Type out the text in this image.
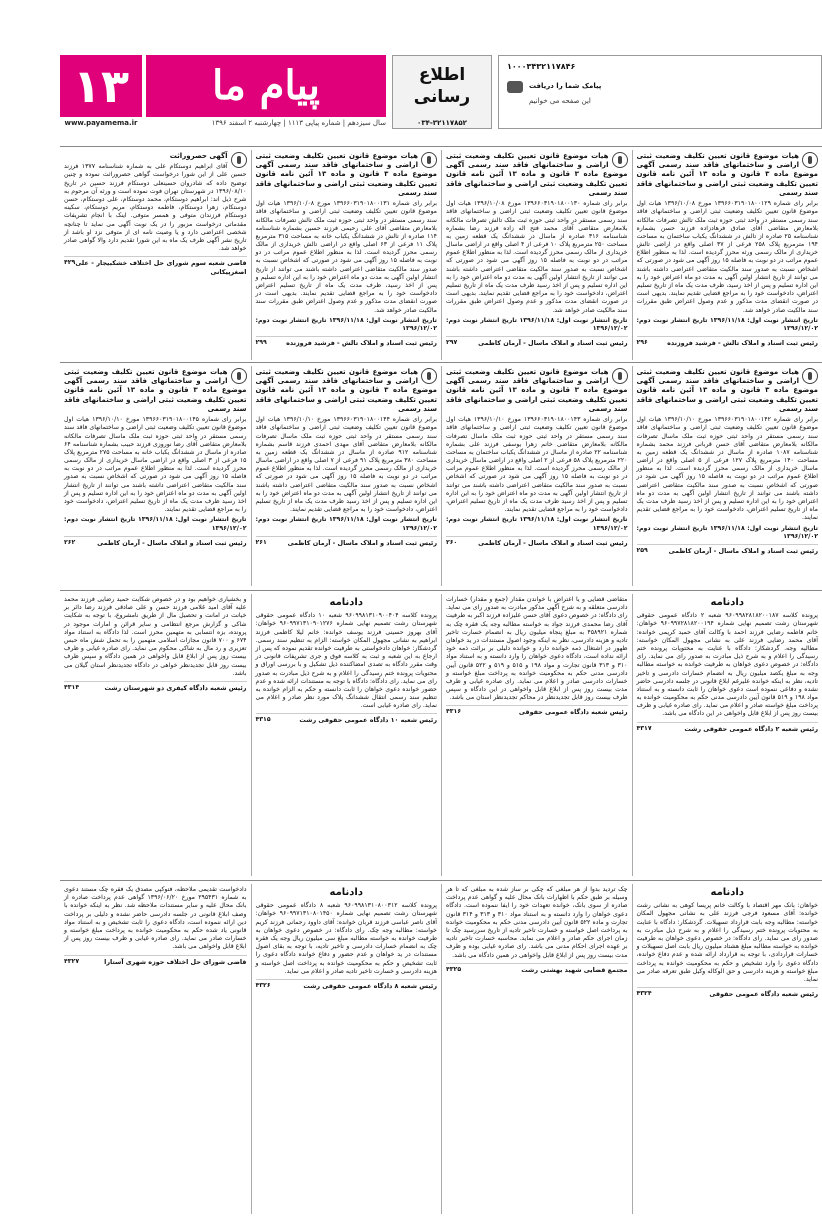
۱۳
www.payamema.ir
پیام ما
سال سیزدهم | شماره پیاپی ۱۱۱۳ | چهارشنبه ۲ اسفند ۱۳۹۶
اطلاع رسانی
۰۳۴-۳۲۱۱۷۸۵۲
۱۰۰۰۳۴۳۲۱۱۷۸۴۶
پیامک شما را دریافت
این صفحه می خوانیم
هیات موضوع قانون تعیین تکلیف وضعیت ثبتی اراضی و ساختمانهای فاقد سند رسمی آگهی موضوع ماده ۳ قانون و ماده ۱۳ آئین نامه قانون تعیین تکلیف وضعیت ثبتی اراضی و ساختمانهای فاقد سند رسمی
برابر رای شماره ۱۳۹۶۶۰۳۱۹۰۱۸۰۰۱۲۹ مورخ ۱۳۹۶/۱۰/۰۸ هیات اول موضوع قانون تعیین تکلیف وضعیت ثبتی اراضی و ساختمانهای فاقد سند رسمی مستقر در واحد ثبتی حوزه ثبت ملک تالش تصرفات مالکانه بلامعارض متقاضی آقای صادق فرهادزاده فرزند حسن بشماره شناسنامه ۲۵ صادره از تالش در ششدانگ یکباب ساختمان به مساحت ۱۹۴ مترمربع پلاک ۲۵۸ فرعی از ۳۷ اصلی واقع در اراضی تالش خریداری از مالک رسمی ورثه محرز گردیده است. لذا به منظور اطلاع عموم مراتب در دو نوبت به فاصله ۱۵ روز آگهی می شود در صورتی که اشخاص نسبت به صدور سند مالکیت متقاضی اعتراضی داشته باشند می توانند از تاریخ انتشار اولین آگهی به مدت دو ماه اعتراض خود را به این اداره تسلیم و پس از اخذ رسید، ظرف مدت یک ماه از تاریخ تسلیم اعتراض، دادخواست خود را به مراجع قضایی تقدیم نمایند. بدیهی است در صورت انقضای مدت مذکور و عدم وصول اعتراض طبق مقررات سند مالکیت صادر خواهد شد.
تاریخ انتشار نوبت اول: ۱۳۹۶/۱۱/۱۸ تاریخ انتشار نوبت دوم: ۱۳۹۶/۱۲/۰۲
رئیس ثبت اسناد و املاک تالش - فرشید فروزنده
۲۹۶
هیات موضوع قانون تعیین تکلیف وضعیت ثبتی اراضی و ساختمانهای فاقد سند رسمی آگهی موضوع ماده ۳ قانون و ماده ۱۳ آئین نامه قانون تعیین تکلیف وضعیت ثبتی اراضی و ساختمانهای فاقد سند رسمی
برابر رای شماره ۱۳۹۶۶۰۳۱۹۰۱۸۰۰۱۳۰ مورخ ۱۳۹۶/۱۰/۰۸ هیات اول موضوع قانون تعیین تکلیف وضعیت ثبتی اراضی و ساختمانهای فاقد سند رسمی مستقر در واحد ثبتی حوزه ثبت ملک تالش تصرفات مالکانه بلامعارض متقاضی آقای محمد فتح اله زاده فرزند رضا بشماره شناسنامه ۳۱۶ صادره از ماسال در ششدانگ یک قطعه زمین به مساحت ۲۵۰ مترمربع پلاک ۱۰ فرعی از ۴ اصلی واقع در اراضی ماسال خریداری از مالک رسمی محرز گردیده است. لذا به منظور اطلاع عموم مراتب در دو نوبت به فاصله ۱۵ روز آگهی می شود در صورتی که اشخاص نسبت به صدور سند مالکیت متقاضی اعتراضی داشته باشند می توانند از تاریخ انتشار اولین آگهی به مدت دو ماه اعتراض خود را به این اداره تسلیم و پس از اخذ رسید ظرف مدت یک ماه از تاریخ تسلیم اعتراض، دادخواست خود را به مراجع قضایی تقدیم نمایند. بدیهی است در صورت انقضای مدت مذکور و عدم وصول اعتراض طبق مقررات سند مالکیت صادر خواهد شد.
تاریخ انتشار نوبت اول: ۱۳۹۶/۱۱/۱۸ تاریخ انتشار نوبت دوم: ۱۳۹۶/۱۲/۰۲
رئیس ثبت اسناد و املاک ماسال - آرمان کاظمی
۲۹۷
هیات موضوع قانون تعیین تکلیف وضعیت ثبتی اراضی و ساختمانهای فاقد سند رسمی آگهی موضوع ماده ۳ قانون و ماده ۱۳ آئین نامه قانون تعیین تکلیف وضعیت ثبتی اراضی و ساختمانهای فاقد سند رسمی
برابر رای شماره ۱۳۹۶۶۰۳۱۹۰۱۸۰۰۱۳۱ مورخ ۱۳۹۶/۱۰/۰۸ هیات اول موضوع قانون تعیین تکلیف وضعیت ثبتی اراضی و ساختمانهای فاقد سند رسمی مستقر در واحد ثبتی حوزه ثبت ملک تالش تصرفات مالکانه بلامعارض متقاضی آقای علی رحیمی فرزند حسین بشماره شناسنامه ۱۱۴ صادره از تالش در ششدانگ یکباب خانه به مساحت ۳۱۵ مترمربع پلاک ۱۱ فرعی از ۶۳ اصلی واقع در اراضی تالش خریداری از مالک رسمی محرز گردیده است. لذا به منظور اطلاع عموم مراتب در دو نوبت به فاصله ۱۵ روز آگهی می شود در صورتی که اشخاص نسبت به صدور سند مالکیت متقاضی اعتراضی داشته باشند می توانند از تاریخ انتشار اولین آگهی به مدت دو ماه اعتراض خود را به این اداره تسلیم و پس از اخذ رسید، ظرف مدت یک ماه از تاریخ تسلیم اعتراض دادخواست خود را به مراجع قضایی تقدیم نمایند. بدیهی است در صورت انقضای مدت مذکور و عدم وصول اعتراض طبق مقررات سند مالکیت صادر خواهد شد.
تاریخ انتشار نوبت اول: ۱۳۹۶/۱۱/۱۸ تاریخ انتشار نوبت دوم: ۱۳۹۶/۱۲/۰۲
رئیس ثبت اسناد و املاک تالش - فرشید فروزنده
۲۹۹
آگهی حصروراثت
آقای ابراهیم دوستکام علی به شماره شناسنامه ۱۳۷۷ فرزند حسین علی از این شورا درخواست گواهی حصروراثت نموده و چنین توضیح داده که شادروان حسینعلی دوستکام فرزند حسین در تاریخ ۱۳۹۶/۰۸/۱۰ در شهرستان تهران فوت نموده است و ورثه آن مرحوم به شرح ذیل اند: ابراهیم دوستکام، محمد دوستکام، علی دوستکام، حسن دوستکام، زهرا دوستکام، فاطمه دوستکام، مریم دوستکام، سکینه دوستکام فرزندان متوفی و همسر متوفی. اینک با انجام تشریفات مقدماتی درخواست مزبور را در یک نوبت آگهی می نماید تا چنانچه شخصی اعتراضی دارد و یا وصیت نامه ای از متوفی نزد او باشد از تاریخ نشر آگهی ظرف یک ماه به این شورا تقدیم دارد والا گواهی صادر خواهد شد.
قاضی شعبه سوم شورای حل اختلاف خشکبیجار - علی اصغرپیکانی
۴۲۹
هیات موضوع قانون تعیین تکلیف وضعیت ثبتی اراضی و ساختمانهای فاقد سند رسمی آگهی موضوع ماده ۳ قانون و ماده ۱۳ آئین نامه قانون تعیین تکلیف وضعیت ثبتی اراضی و ساختمانهای فاقد سند رسمی
برابر رای شماره ۱۳۹۶۶۰۳۱۹۰۱۸۰۰۱۴۲ مورخ ۱۳۹۶/۱۰/۱۰ هیات اول موضوع قانون تعیین تکلیف وضعیت ثبتی اراضی و ساختمانهای فاقد سند رسمی مستقر در واحد ثبتی حوزه ثبت ملک ماسال تصرفات مالکانه بلامعارض متقاضی آقای حسن قربانی فرزند محمد بشماره شناسنامه ۱۰۸۷ صادره از ماسال در ششدانگ یک قطعه زمین به مساحت ۱۴۰ مترمربع پلاک ۱۲۷ فرعی از ۵ اصلی واقع در اراضی ماسال خریداری از مالک رسمی محرز گردیده است. لذا به منظور اطلاع عموم مراتب در دو نوبت به فاصله ۱۵ روز آگهی می شود در صورتی که اشخاص نسبت به صدور سند مالکیت متقاضی اعتراضی داشته باشند می توانند از تاریخ انتشار اولین آگهی به مدت دو ماه اعتراض خود را به این اداره تسلیم و پس از اخذ رسید ظرف مدت یک ماه از تاریخ تسلیم اعتراض، دادخواست خود را به مراجع قضایی تقدیم نمایند.
تاریخ انتشار نوبت اول: ۱۳۹۶/۱۱/۱۸ تاریخ انتشار نوبت دوم: ۱۳۹۶/۱۲/۰۲
رئیس ثبت اسناد و املاک ماسال - آرمان کاظمی
۲۵۹
هیات موضوع قانون تعیین تکلیف وضعیت ثبتی اراضی و ساختمانهای فاقد سند رسمی آگهی موضوع ماده ۳ قانون و ماده ۱۳ آئین نامه قانون تعیین تکلیف وضعیت ثبتی اراضی و ساختمانهای فاقد سند رسمی
برابر رای شماره ۱۳۹۶۶۰۳۱۹۰۱۸۰۰۱۴۳ مورخ ۱۳۹۶/۱۰/۱۰ هیات اول موضوع قانون تعیین تکلیف وضعیت ثبتی اراضی و ساختمانهای فاقد سند رسمی مستقر در واحد ثبتی حوزه ثبت ملک ماسال تصرفات مالکانه بلامعارض متقاضی خانم زهرا یوسفی فرزند علی بشماره شناسنامه ۲۲ صادره از ماسال در ششدانگ یکباب ساختمان به مساحت ۲۲۰ مترمربع پلاک ۵۸ فرعی از ۲ اصلی واقع در اراضی ماسال خریداری از مالک رسمی محرز گردیده است. لذا به منظور اطلاع عموم مراتب در دو نوبت به فاصله ۱۵ روز آگهی می شود در صورتی که اشخاص نسبت به صدور سند مالکیت متقاضی اعتراضی داشته باشند می توانند از تاریخ انتشار اولین آگهی به مدت دو ماه اعتراض خود را به این اداره تسلیم و پس از اخذ رسید ظرف مدت یک ماه از تاریخ تسلیم اعتراض، دادخواست خود را به مراجع قضایی تقدیم نمایند.
تاریخ انتشار نوبت اول: ۱۳۹۶/۱۱/۱۸ تاریخ انتشار نوبت دوم: ۱۳۹۶/۱۲/۰۲
رئیس ثبت اسناد و املاک ماسال - آرمان کاظمی
۲۶۰
هیات موضوع قانون تعیین تکلیف وضعیت ثبتی اراضی و ساختمانهای فاقد سند رسمی آگهی موضوع ماده ۳ قانون و ماده ۱۳ آئین نامه قانون تعیین تکلیف وضعیت ثبتی اراضی و ساختمانهای فاقد سند رسمی
برابر رای شماره ۱۳۹۶۶۰۳۱۹۰۱۸۰۰۱۴۴ مورخ ۱۳۹۶/۱۰/۱۰ هیات اول موضوع قانون تعیین تکلیف وضعیت ثبتی اراضی و ساختمانهای فاقد سند رسمی مستقر در واحد ثبتی حوزه ثبت ملک ماسال تصرفات مالکانه بلامعارض متقاضی آقای مهدی احمدی فرزند قاسم بشماره شناسنامه ۹۱۲ صادره از ماسال در ششدانگ یک قطعه زمین به مساحت ۳۸۰ مترمربع پلاک ۹۱ فرعی از ۷ اصلی واقع در اراضی ماسال خریداری از مالک رسمی محرز گردیده است. لذا به منظور اطلاع عموم مراتب در دو نوبت به فاصله ۱۵ روز آگهی می شود در صورتی که اشخاص نسبت به صدور سند مالکیت متقاضی اعتراضی داشته باشند می توانند از تاریخ انتشار اولین آگهی به مدت دو ماه اعتراض خود را به این اداره تسلیم و پس از اخذ رسید ظرف مدت یک ماه از تاریخ تسلیم اعتراض، دادخواست خود را به مراجع قضایی تقدیم نمایند.
تاریخ انتشار نوبت اول: ۱۳۹۶/۱۱/۱۸ تاریخ انتشار نوبت دوم: ۱۳۹۶/۱۲/۰۲
رئیس ثبت اسناد و املاک ماسال - آرمان کاظمی
۲۶۱
هیات موضوع قانون تعیین تکلیف وضعیت ثبتی اراضی و ساختمانهای فاقد سند رسمی آگهی موضوع ماده ۳ قانون و ماده ۱۳ آئین نامه قانون تعیین تکلیف وضعیت ثبتی اراضی و ساختمانهای فاقد سند رسمی
برابر رای شماره ۱۳۹۶۶۰۳۱۹۰۱۸۰۰۱۴۵ مورخ ۱۳۹۶/۱۰/۱۰ هیات اول موضوع قانون تعیین تکلیف وضعیت ثبتی اراضی و ساختمانهای فاقد سند رسمی مستقر در واحد ثبتی حوزه ثبت ملک ماسال تصرفات مالکانه بلامعارض متقاضی آقای رضا نوروزی فرزند حبیب بشماره شناسنامه ۶۴ صادره از ماسال در ششدانگ یکباب خانه به مساحت ۲۷۵ مترمربع پلاک ۱۵ فرعی از ۳ اصلی واقع در اراضی ماسال خریداری از مالک رسمی محرز گردیده است. لذا به منظور اطلاع عموم مراتب در دو نوبت به فاصله ۱۵ روز آگهی می شود در صورتی که اشخاص نسبت به صدور سند مالکیت متقاضی اعتراضی داشته باشند می توانند از تاریخ انتشار اولین آگهی به مدت دو ماه اعتراض خود را به این اداره تسلیم و پس از اخذ رسید ظرف مدت یک ماه از تاریخ تسلیم اعتراض، دادخواست خود را به مراجع قضایی تقدیم نمایند.
تاریخ انتشار نوبت اول: ۱۳۹۶/۱۱/۱۸ تاریخ انتشار نوبت دوم: ۱۳۹۶/۱۲/۰۲
رئیس ثبت اسناد و املاک ماسال - آرمان کاظمی
۲۶۲
دادنامه
پرونده کلاسه ۹۶۰۹۹۸۲۸۱۸۲۰۰۱۸۷ شعبه ۲ دادگاه عمومی حقوقی شهرستان رشت تصمیم نهایی شماره ۹۶۰۹۹۷۲۸۱۸۲۰۰۱۹۴ خواهان: خانم فاطمه رضایی فرزند احمد با وکالت آقای حمید کریمی خوانده: آقای محمد رضایی فرزند علی به نشانی مجهول المکان خواسته: مطالبه وجه. گردشکار: دادگاه با عنایت به محتویات پرونده ختم رسیدگی را اعلام و به شرح ذیل مبادرت به صدور رای می نماید. رای دادگاه: در خصوص دعوی خواهان به طرفیت خوانده به خواسته مطالبه وجه به مبلغ یکصد میلیون ریال به انضمام خسارات دادرسی و تاخیر تادیه، نظر به اینکه خوانده علیرغم ابلاغ قانونی در جلسه دادرسی حاضر نشده و دفاعی ننموده است دعوی خواهان را ثابت دانسته و به استناد مواد ۱۹۸ و ۵۱۹ قانون آیین دادرسی مدنی حکم به محکومیت خوانده به پرداخت مبلغ خواسته صادر و اعلام می نماید. رای صادره غیابی و ظرف بیست روز پس از ابلاغ قابل واخواهی در این دادگاه می باشد.
رئیس شعبه ۲ دادگاه عمومی حقوقی رشت
۴۳۱۷
متقاضی قضایی و یا اعتراض با خواندن مقدار (جمع و مقدار) خسارات دادرسی متعلقه و به شرح آگهی مذکور مبادرت به صدور رای می نماید. رای دادگاه: در خصوص دعوی آقای حسن علیزاده فرزند اکبر به طرفیت آقای رضا محمدی فرزند جواد به خواسته مطالبه وجه یک فقره چک به شماره ۴۵۸۹۲۱ به مبلغ پنجاه میلیون ریال به انضمام خسارت تاخیر تادیه و هزینه دادرسی، نظر به اینکه وجود اصول مستندات در ید خواهان ظهور در اشتغال ذمه خوانده دارد و خوانده دلیلی بر برائت ذمه خود ارائه نداده است، دادگاه دعوی خواهان را وارد دانسته و به استناد مواد ۳۱۰ و ۳۱۳ قانون تجارت و مواد ۱۹۸ و ۵۱۵ و ۵۱۹ و ۵۲۲ قانون آیین دادرسی مدنی حکم به محکومیت خوانده به پرداخت مبلغ خواسته و خسارات دادرسی صادر و اعلام می نماید. رای صادره غیابی و ظرف مدت بیست روز پس از ابلاغ قابل واخواهی در این دادگاه و سپس ظرف بیست روز قابل تجدیدنظر در محاکم تجدیدنظر استان می باشد.
رئیس شعبه دادگاه عمومی حقوقی
۴۳۱۶
دادنامه
پرونده کلاسه ۹۶۰۹۹۸۱۳۱۰۹۰۰۴۰۴ شعبه ۱۰ دادگاه عمومی حقوقی شهرستان رشت تصمیم نهایی شماره ۹۶۰۹۹۷۱۳۱۰۹۰۱۲۷۶ خواهان: آقای بهروز حسینی فرزند یوسف خوانده: خانم لیلا کاظمی فرزند ابراهیم به نشانی مجهول المکان خواسته: الزام به تنظیم سند رسمی. گردشکار: خواهان دادخواستی به طرفیت خوانده تقدیم نموده که پس از ارجاع به این شعبه و ثبت به کلاسه فوق و جری تشریفات قانونی در وقت مقرر دادگاه به تصدی امضاکننده ذیل تشکیل و با بررسی اوراق و محتویات پرونده ختم رسیدگی را اعلام و به شرح ذیل مبادرت به صدور رای می نماید. رای دادگاه: دادگاه با توجه به مستندات ارائه شده و عدم حضور خوانده دعوی خواهان را ثابت دانسته و حکم به الزام خوانده به تنظیم سند رسمی انتقال ششدانگ پلاک مورد نظر صادر و اعلام می نماید. رای صادره غیابی است.
رئیس شعبه ۱۰ دادگاه عمومی حقوقی رشت
۴۳۱۵
و بخشیاری خواهیم بود و در خصوص شکایت حمید رضایی فرزند محمد علیه آقای امید غلامی فرزند حسن و علی صادقی فرزند رضا دائر بر خیانت در امانت و تحصیل مال از طریق نامشروع، با توجه به شکایت شاکی و گزارش مرجع انتظامی و سایر قرائن و امارات موجود در پرونده، بزه انتسابی به متهمین محرز است. لذا دادگاه به استناد مواد ۶۷۴ و ۷۰۰ قانون مجازات اسلامی متهمین را به تحمل شش ماه حبس تعزیری و رد مال به شاکی محکوم می نماید. رای صادره غیابی و ظرف بیست روز پس از ابلاغ قابل واخواهی در همین دادگاه و سپس ظرف بیست روز قابل تجدیدنظر خواهی در دادگاه تجدیدنظر استان گیلان می باشد.
رئیس شعبه دادگاه کیفری دو شهرستان رشت
۴۳۱۴
دادنامه
خواهان: بانک مهر اقتصاد با وکالت خانم پریسا کوهی به نشانی رشت خوانده: آقای مسعود فرجی فرزند علی به نشانی مجهول المکان خواسته: مطالبه وجه بابت قرارداد تسهیلات. گردشکار: دادگاه با عنایت به محتویات پرونده ختم رسیدگی را اعلام و به شرح ذیل مبادرت به صدور رای می نماید. رای دادگاه: در خصوص دعوی خواهان به طرفیت خوانده به خواسته مطالبه مبلغ هشتاد میلیون ریال بابت اصل تسهیلات و خسارات قراردادی، با توجه به قرارداد ارائه شده و عدم دفاع خوانده، دادگاه دعوی را وارد تشخیص و حکم به محکومیت خوانده به پرداخت مبلغ خواسته و هزینه دادرسی و حق الوکاله وکیل طبق تعرفه صادر می نماید.
رئیس شعبه دادگاه عمومی حقوقی
۴۳۲۴
چک تردید بدوا از هر مبلغی که چکی بر ساز شده به مبلغی که تا هر وسیله بر طبق حکم با اظهارات بانک محال علیه و گواهی عدم پرداخت صادره از سوی بانک، خوانده تعهدات خود را ایفا ننموده است. دادگاه دعوی خواهان را وارد دانسته و به استناد مواد ۳۱۰ و ۳۱۳ و ۳۱۴ قانون تجارت و ماده ۵۲۲ قانون آیین دادرسی مدنی حکم به محکومیت خوانده به پرداخت اصل خواسته و خسارت تاخیر تادیه از تاریخ سررسید چک تا زمان اجرای حکم صادر و اعلام می نماید. محاسبه خسارت تاخیر تادیه بر عهده اجرای احکام مدنی می باشد. رای صادره غیابی بوده و ظرف مدت بیست روز پس از ابلاغ قابل واخواهی در همین دادگاه می باشد.
مجتمع قضایی شهید بهشتی رشت
۴۳۲۵
دادنامه
پرونده کلاسه ۹۶۰۹۹۸۱۳۱۰۸۰۰۳۱۲ شعبه ۸ دادگاه عمومی حقوقی شهرستان رشت تصمیم نهایی شماره ۹۶۰۹۹۷۱۳۱۰۸۰۱۴۵۰ خواهان: آقای ناصر عباسی فرزند قربان خوانده: آقای داوود رحمانی فرزند کریم خواسته: مطالبه وجه چک. رای دادگاه: در خصوص دعوی خواهان به طرفیت خوانده به خواسته مطالبه مبلغ سی میلیون ریال وجه یک فقره چک به انضمام خسارات دادرسی و تاخیر تادیه، با توجه به بقای اصول مستندات در ید خواهان و عدم حضور و دفاع خوانده دادگاه دعوی را ثابت تشخیص و حکم به محکومیت خوانده به پرداخت اصل خواسته و هزینه دادرسی و خسارت تاخیر تادیه صادر و اعلام می نماید.
رئیس شعبه ۸ دادگاه عمومی حقوقی رشت
۴۳۲۶
دادخواست تقدیمی ملاحظه، فتوکپی مصدق یک فقره چک مستند دعوی به شماره ۲۹۵۴۳۱ مورخ ۱۳۹۶/۰۶/۲۰ گواهی عدم پرداخت صادره از بانک محال علیه و سایر مستندات ملاحظه شد. نظر به اینکه خوانده با وصف ابلاغ قانونی در جلسه دادرسی حاضر نشده و دلیلی بر پرداخت دین ارائه ننموده است، دادگاه دعوی را ثابت تشخیص و به استناد مواد قانونی یاد شده حکم به محکومیت خوانده به پرداخت مبلغ خواسته و خسارات صادر می نماید. رای صادره غیابی و ظرف بیست روز پس از ابلاغ قابل واخواهی می باشد.
قاضی شورای حل اختلاف حوزه شهری آستارا
۴۳۲۷
